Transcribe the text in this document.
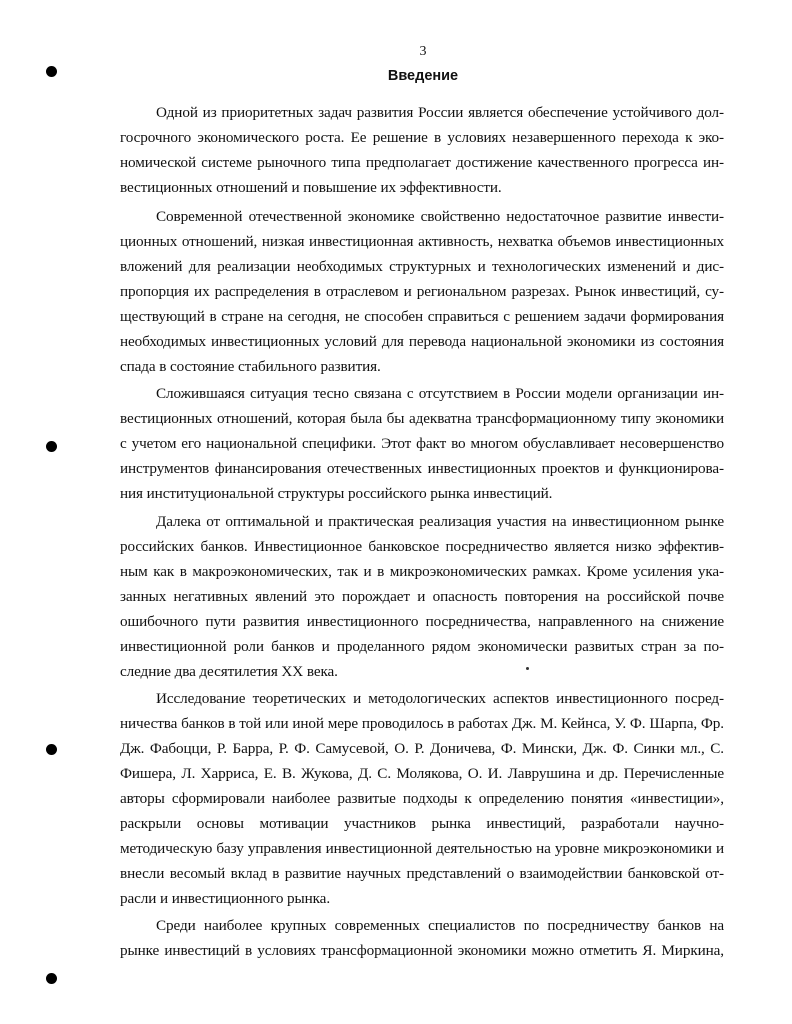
3
Введение
Одной из приоритетных задач развития России является обеспечение устойчивого дол-
госрочного экономического роста. Ее решение в условиях незавершенного перехода к эко-
номической системе рыночного типа предполагает достижение качественного прогресса ин-
вестиционных отношений и повышение их эффективности.
Современной отечественной экономике свойственно недостаточное развитие инвести-
ционных отношений, низкая инвестиционная активность, нехватка объемов инвестиционных
вложений для реализации необходимых структурных и технологических изменений и дис-
пропорция их распределения в отраслевом и региональном разрезах. Рынок инвестиций, су-
ществующий в стране на сегодня, не способен справиться с решением задачи формирования
необходимых инвестиционных условий для перевода национальной экономики из состояния
спада в состояние стабильного развития.
Сложившаяся ситуация тесно связана с отсутствием в России модели организации ин-
вестиционных отношений, которая была бы адекватна трансформационному типу экономики
с учетом его национальной специфики. Этот факт во многом обуславливает несовершенство
инструментов финансирования отечественных инвестиционных проектов и функционирова-
ния институциональной структуры российского рынка инвестиций.
Далека от оптимальной и практическая реализация участия на инвестиционном рынке
российских банков. Инвестиционное банковское посредничество является низко эффектив-
ным как в макроэкономических, так и в микроэкономических рамках. Кроме усиления ука-
занных негативных явлений это порождает и опасность повторения на российской почве
ошибочного пути развития инвестиционного посредничества, направленного на снижение
инвестиционной роли банков и проделанного рядом экономически развитых стран за по-
следние два десятилетия XX века.
Исследование теоретических и методологических аспектов инвестиционного посред-
ничества банков в той или иной мере проводилось в работах Дж. М. Кейнса, У. Ф. Шарпа, Фр.
Дж. Фабоцци, Р. Барра, Р. Ф. Самусевой, О. Р. Доничева, Ф. Мински, Дж. Ф. Синки мл., С.
Фишера, Л. Харриса, Е. В. Жукова, Д. С. Молякова, О. И. Лаврушина и др. Перечисленные
авторы сформировали наиболее развитые подходы к определению понятия «инвестиции»,
раскрыли основы мотивации участников рынка инвестиций, разработали научно-
методическую базу управления инвестиционной деятельностью на уровне микроэкономики и
внесли весомый вклад в развитие научных представлений о взаимодействии банковской от-
расли и инвестиционного рынка.
Среди наиболее крупных современных специалистов по посредничеству банков на
рынке инвестиций в условиях трансформационной экономики можно отметить Я. Миркина,
